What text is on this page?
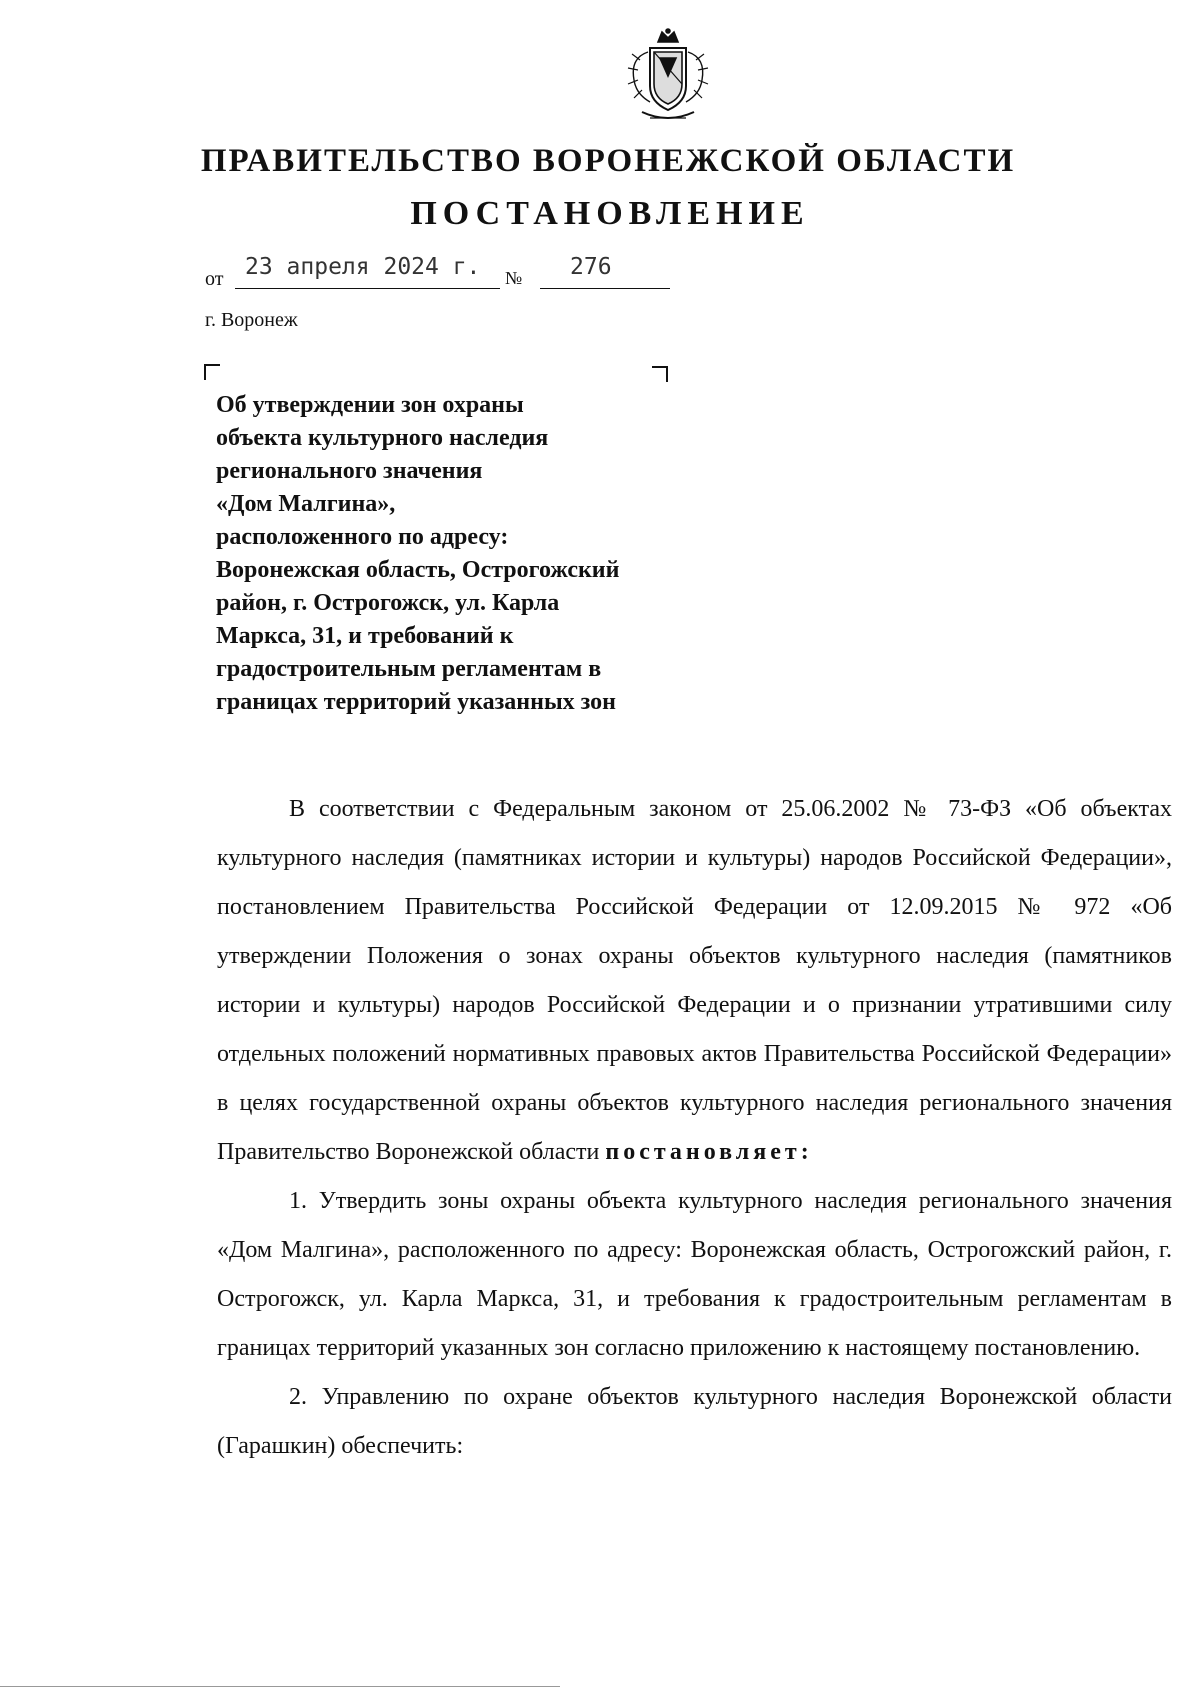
ПРАВИТЕЛЬСТВО ВОРОНЕЖСКОЙ ОБЛАСТИ
ПОСТАНОВЛЕНИЕ
от 23 апреля 2024 г. № 276
г. Воронеж
Об утверждении зон охраны
объекта культурного наследия
регионального значения
«Дом Малгина»,
расположенного по адресу:
Воронежская область, Острогожский
район, г. Острогожск, ул. Карла
Маркса, 31, и требований к
градостроительным регламентам в
границах территорий указанных зон

В соответствии с Федеральным законом от 25.06.2002 № 73-ФЗ «Об объектах культурного наследия (памятниках истории и культуры) народов Российской Федерации», постановлением Правительства Российской Федерации от 12.09.2015 № 972 «Об утверждении Положения о зонах охраны объектов культурного наследия (памятников истории и культуры) народов Российской Федерации и о признании утратившими силу отдельных положений нормативных правовых актов Правительства Российской Федерации» в целях государственной охраны объектов культурного наследия регионального значения Правительство Воронежской области постановляет:

1. Утвердить зоны охраны объекта культурного наследия регионального значения «Дом Малгина», расположенного по адресу: Воронежская область, Острогожский район, г. Острогожск, ул. Карла Маркса, 31, и требования к градостроительным регламентам в границах территорий указанных зон согласно приложению к настоящему постановлению.

2. Управлению по охране объектов культурного наследия Воронежской области (Гарашкин) обеспечить:
